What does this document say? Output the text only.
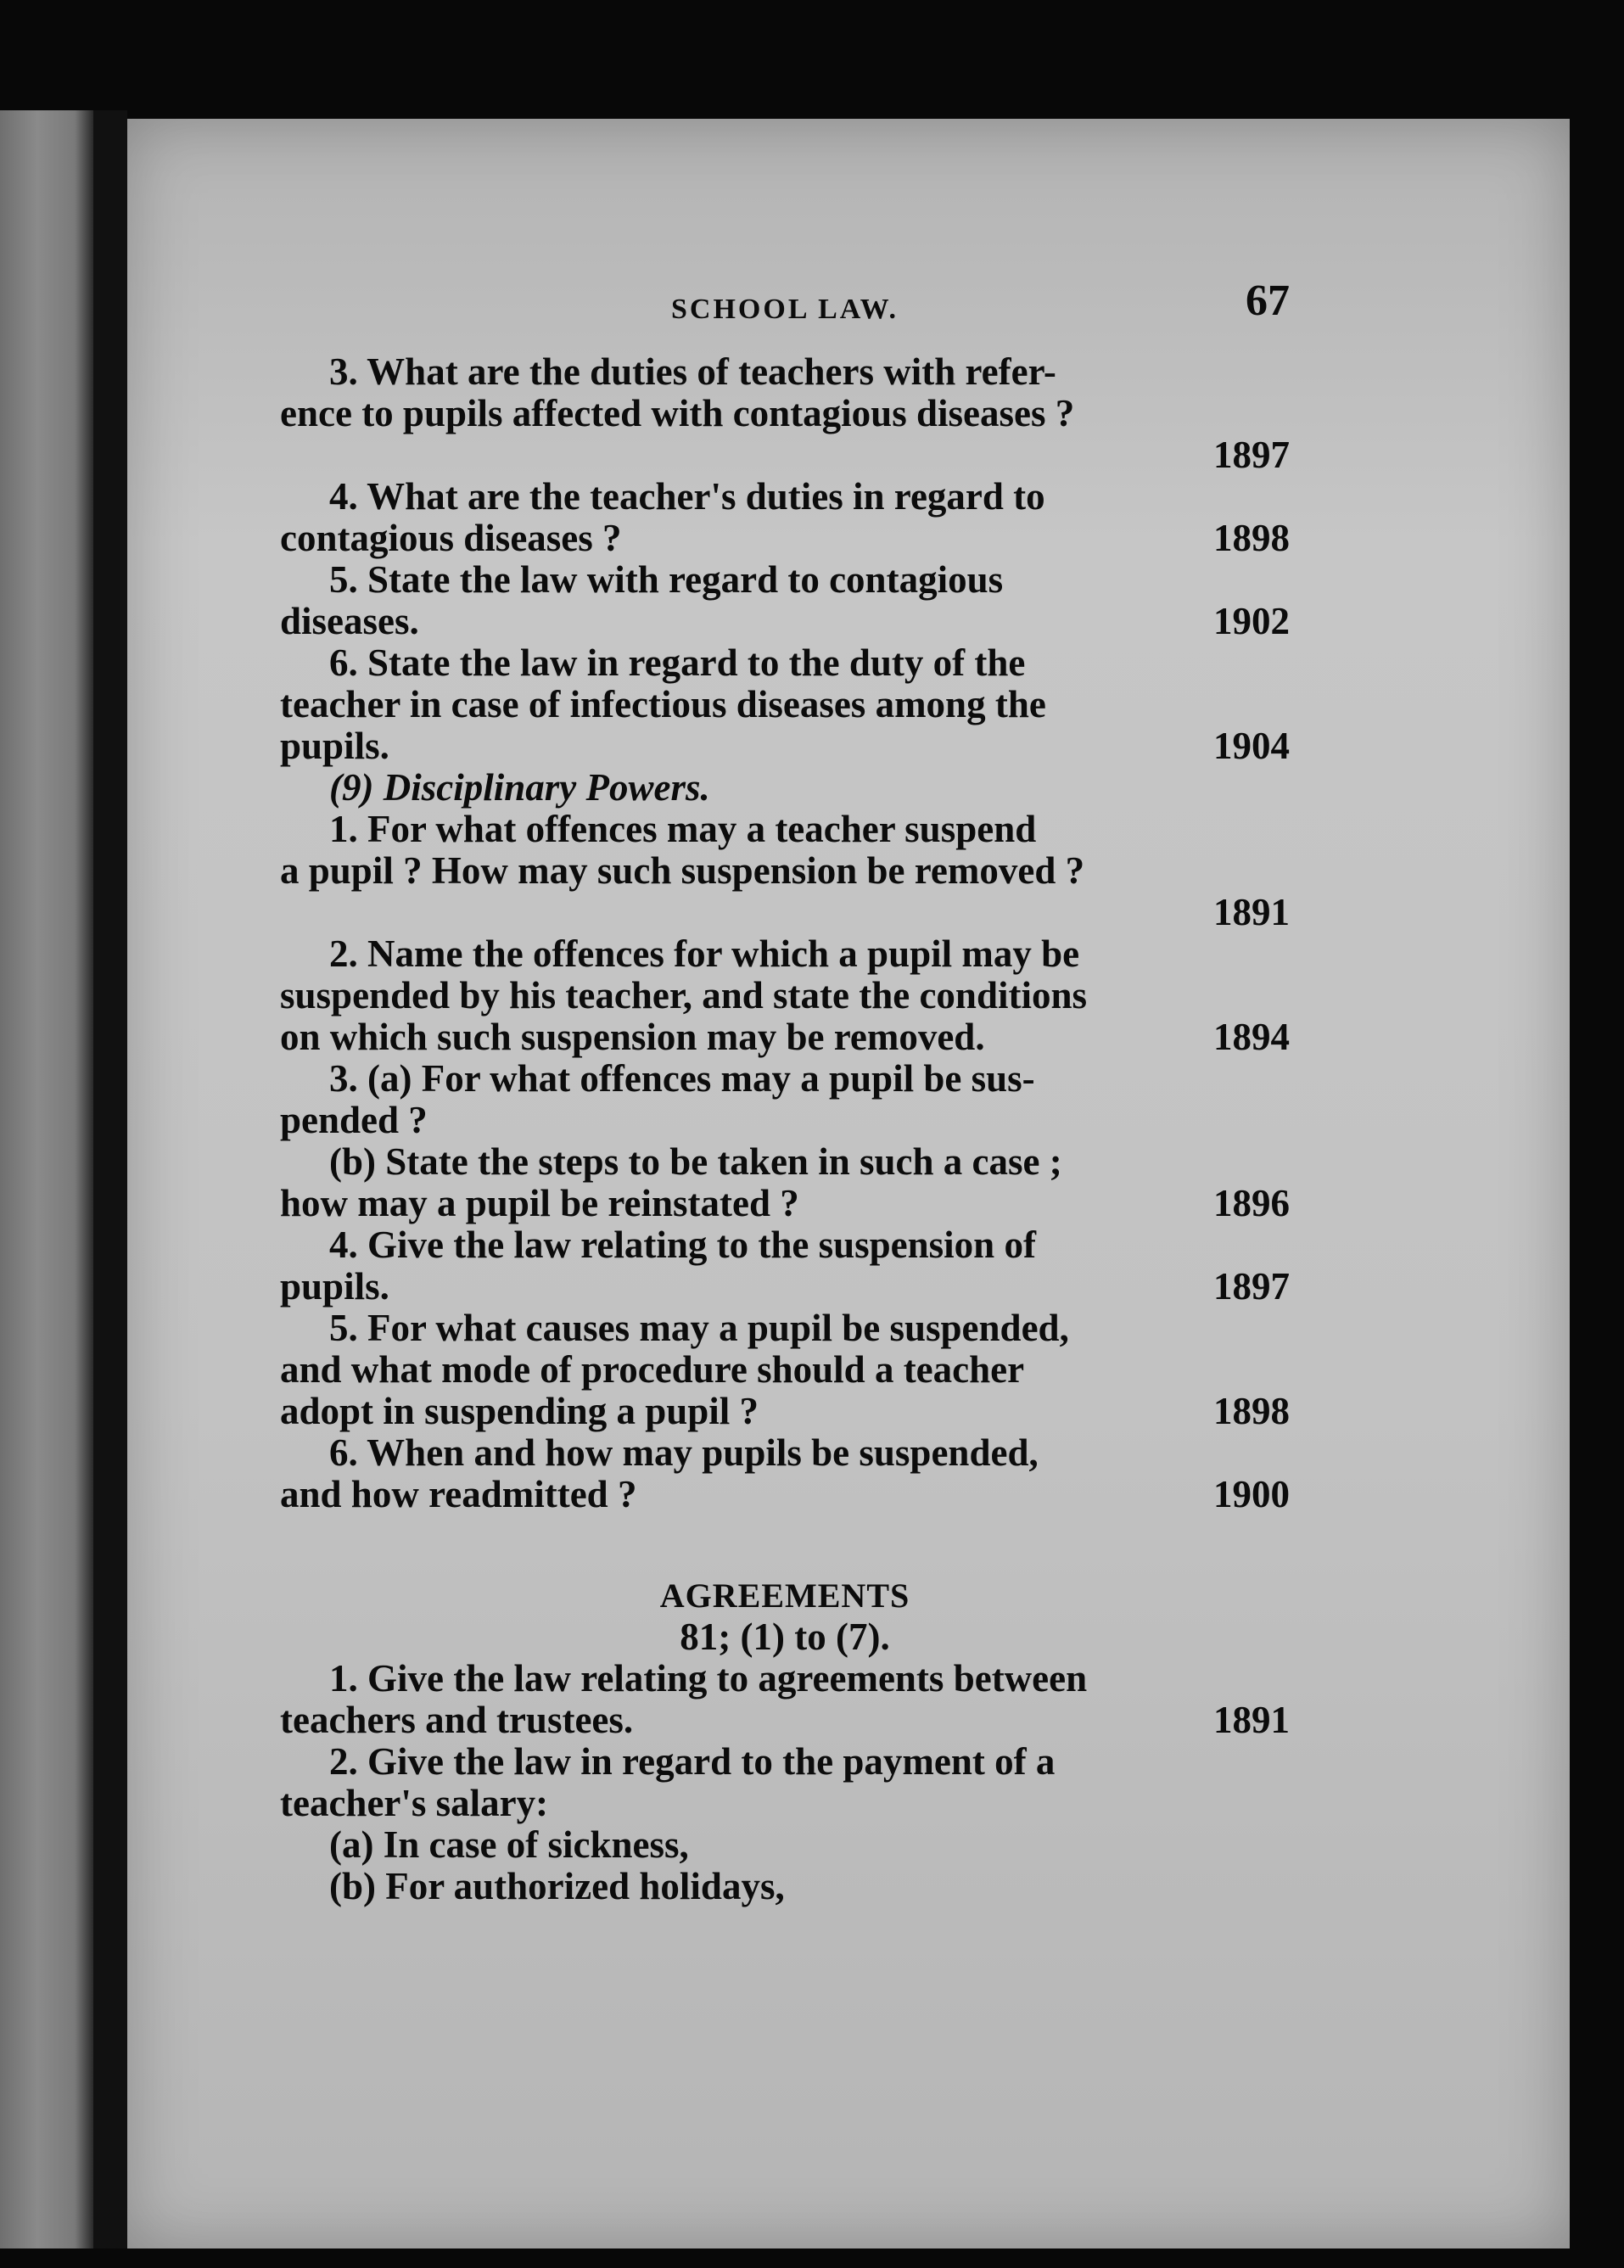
SCHOOL LAW.	67
3. What are the duties of teachers with refer-
ence to pupils affected with contagious diseases ?
1897
4. What are the teacher's duties in regard to
contagious diseases ?	1898
5. State the law with regard to contagious
diseases.	1902
6. State the law in regard to the duty of the
teacher in case of infectious diseases among the
pupils.	1904
(9) Disciplinary Powers.
1. For what offences may a teacher suspend
a pupil ? How may such suspension be removed ?
1891
2. Name the offences for which a pupil may be
suspended by his teacher, and state the conditions
on which such suspension may be removed.	1894
3. (a) For what offences may a pupil be sus-
pended ?
(b) State the steps to be taken in such a case ;
how may a pupil be reinstated ?	1896
4. Give the law relating to the suspension of
pupils.	1897
5. For what causes may a pupil be suspended,
and what mode of procedure should a teacher
adopt in suspending a pupil ?	1898
6. When and how may pupils be suspended,
and how readmitted ?	1900
AGREEMENTS
81; (1) to (7).
1. Give the law relating to agreements between
teachers and trustees.	1891
2. Give the law in regard to the payment of a
teacher's salary:
(a) In case of sickness,
(b) For authorized holidays,
